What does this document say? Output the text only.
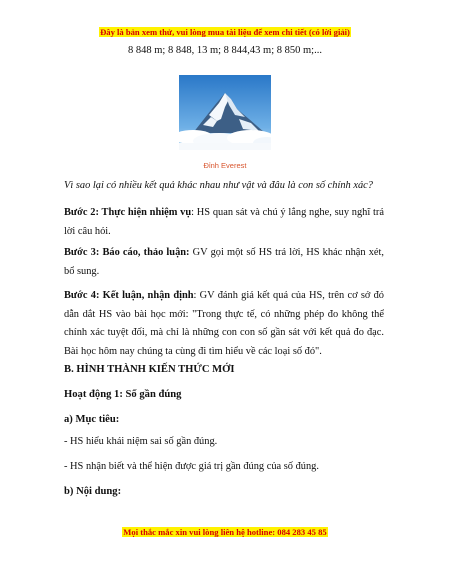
Đây là bản xem thử, vui lòng mua tài liệu để xem chi tiết (có lời giải)
8 848 m; 8 848, 13 m; 8 844,43 m; 8 850 m;...
Đỉnh Everest
Vì sao lại có nhiều kết quả khác nhau như vật và đâu là con số chính xác?
Bước 2: Thực hiện nhiệm vụ: HS quan sát và chú ý lắng nghe, suy nghĩ trả lời câu hỏi.
Bước 3: Báo cáo, thảo luận: GV gọi một số HS trả lời, HS khác nhận xét, bổ sung.
Bước 4: Kết luận, nhận định: GV đánh giá kết quả của HS, trên cơ sở đó dẫn dắt HS vào bài học mới: "Trong thực tế, có những phép đo không thể chính xác tuyệt đối, mà chỉ là những con con số gần sát với kết quả đo đạc. Bài học hôm nay chúng ta cùng đi tìm hiểu về các loại số đó".
B. HÌNH THÀNH KIẾN THỨC MỚI
Hoạt động 1: Số gần đúng
a) Mục tiêu:
- HS hiểu khái niệm sai số gần đúng.
- HS nhận biết và thể hiện được giá trị gần đúng của số đúng.
b) Nội dung:
Mọi thắc mắc xin vui lòng liên hệ hotline: 084 283 45 85
